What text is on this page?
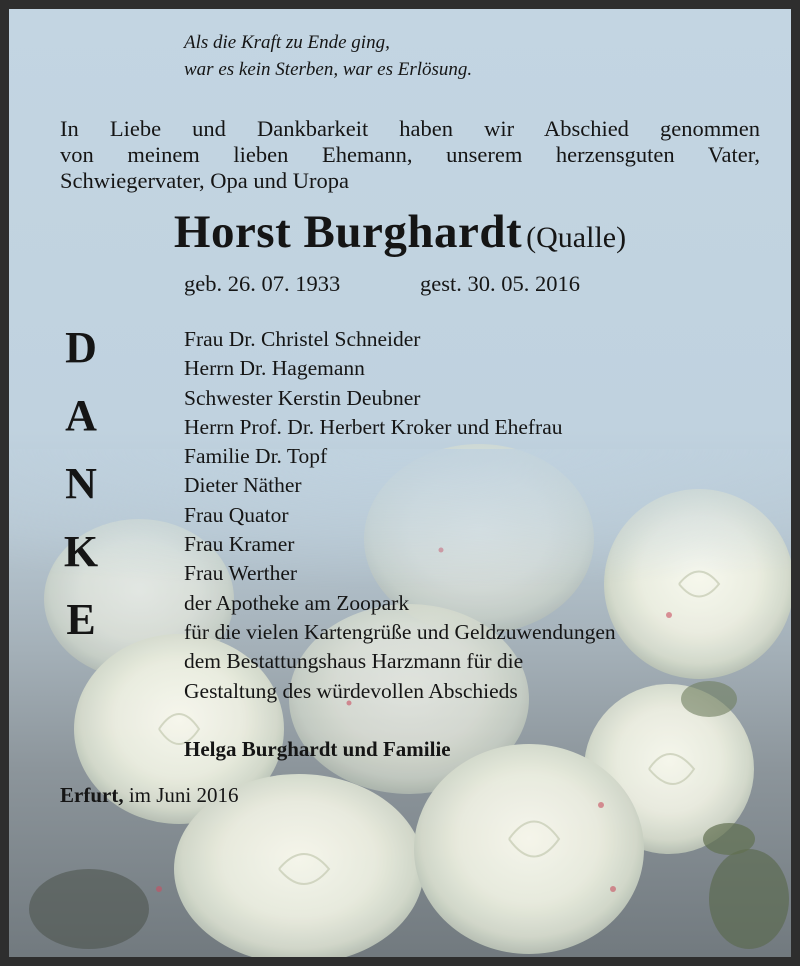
Als die Kraft zu Ende ging,
war es kein Sterben, war es Erlösung.
In Liebe und Dankbarkeit haben wir Abschied genommen
von meinem lieben Ehemann, unserem herzensguten Vater,
Schwiegervater, Opa und Uropa
Horst Burghardt (Qualle)
geb. 26. 07. 1933	gest. 30. 05. 2016
D
A
N
K
E
Frau Dr. Christel Schneider
Herrn Dr. Hagemann
Schwester Kerstin Deubner
Herrn Prof. Dr. Herbert Kroker und Ehefrau
Familie Dr. Topf
Dieter Näther
Frau Quator
Frau Kramer
Frau Werther
der Apotheke am Zoopark
für die vielen Kartengrüße und Geldzuwendungen
dem Bestattungshaus Harzmann für die
Gestaltung des würdevollen Abschieds
Helga Burghardt und Familie
Erfurt, im Juni 2016
